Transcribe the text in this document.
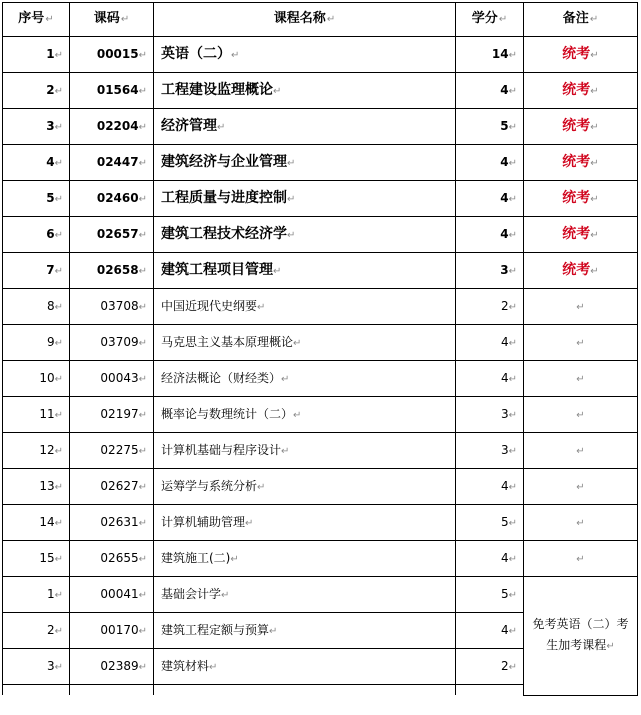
序号↵	课码↵	课程名称↵	学分↵	备注↵
1↵	00015↵	英语（二）↵	14↵	统考↵
2↵	01564↵	工程建设监理概论↵	4↵	统考↵
3↵	02204↵	经济管理↵	5↵	统考↵
4↵	02447↵	建筑经济与企业管理↵	4↵	统考↵
5↵	02460↵	工程质量与进度控制↵	4↵	统考↵
6↵	02657↵	建筑工程技术经济学↵	4↵	统考↵
7↵	02658↵	建筑工程项目管理↵	3↵	统考↵
8↵	03708↵	中国近现代史纲要↵	2↵	↵
9↵	03709↵	马克思主义基本原理概论↵	4↵	↵
10↵	00043↵	经济法概论（财经类）↵	4↵	↵
11↵	02197↵	概率论与数理统计（二）↵	3↵	↵
12↵	02275↵	计算机基础与程序设计↵	3↵	↵
13↵	02627↵	运筹学与系统分析↵	4↵	↵
14↵	02631↵	计算机辅助管理↵	5↵	↵
15↵	02655↵	建筑施工(二)↵	4↵	↵
1↵	00041↵	基础会计学↵	5↵	免考英语（二）考生加考课程↵
2↵	00170↵	建筑工程定额与预算↵	4↵	
3↵	02389↵	建筑材料↵	2↵	
